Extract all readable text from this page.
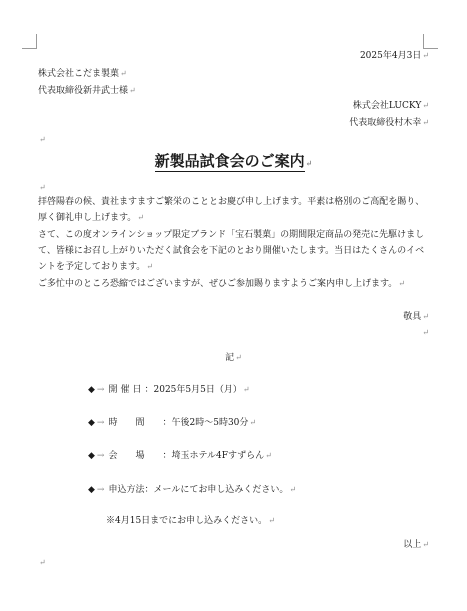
2025年4月3日↵
株式会社こだま製菓↵
代表取締役新井武士様↵
株式会社LUCKY↵
代表取締役村木幸↵
↵
新製品試食会のご案内↵
↵
拝啓陽春の候、貴社ますますご繁栄のこととお慶び申し上げます。平素は格別のご高配を賜り、厚く御礼申し上げます。↵
さて、この度オンラインショップ限定ブランド「宝石製菓」の期間限定商品の発売に先駆けまして、皆様にお召し上がりいただく試食会を下記のとおり開催いたします。当日はたくさんのイベントを予定しております。↵
ご多忙中のところ恐縮ではございますが、ぜひご参加賜りますようご案内申し上げます。↵
敬具↵
↵
記↵
◆ → 開催日：2025年5月5日（月）↵
◆ → 時間：午後2時～5時30分↵
◆ → 会場：埼玉ホテル4Fすずらん↵
◆ → 申込方法：メールにてお申し込みください。↵
※4月15日までにお申し込みください。↵
以上↵
↵
